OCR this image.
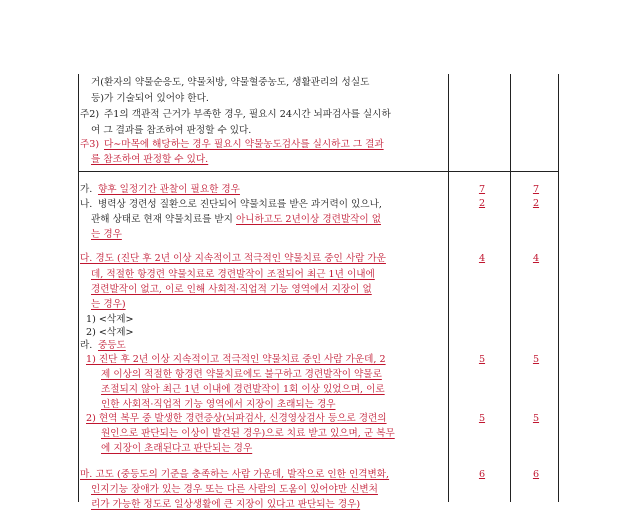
거(환자의 약물순응도, 약물처방, 약물혈중농도, 생활관리의 성실도
등)가 기술되어 있어야 한다.
주2) 주1의 객관적 근거가 부족한 경우, 필요시 24시간 뇌파검사를 실시하
여 그 결과를 참조하여 판정할 수 있다.
주3) 다∼마목에 해당하는 경우 필요시 약물농도검사를 실시하고 그 결과
를 참조하여 판정할 수 있다.
가. 향후 일정기간 관찰이 필요한 경우	7	7
나. 병력상 경련성 질환으로 진단되어 약물치료를 받은 과거력이 있으나,
관해 상태로 현재 약물치료를 받지 아니하고도 2년이상 경련발작이 없
는 경우
2	2
다. 경도 (진단 후 2년 이상 지속적이고 적극적인 약물치료 중인 사람 가운
데, 적절한 항경련 약물치료로 경련발작이 조절되어 최근 1년 이내에
경련발작이 없고, 이로 인해 사회적·직업적 기능 영역에서 지장이 없
는 경우)
4	4
1) <삭제>
2) <삭제>
라. 중등도
1) 진단 후 2년 이상 지속적이고 적극적인 약물치료 중인 사람 가운데, 2
제 이상의 적절한 항경련 약물치료에도 불구하고 경련발작이 약물로
조절되지 않아 최근 1년 이내에 경련발작이 1회 이상 있었으며, 이로
인한 사회적·직업적 기능 영역에서 지장이 초래되는 경우
5	5
2) 현역 복무 중 발생한 경련증상(뇌파검사, 신경영상검사 등으로 경련의
원인으로 판단되는 이상이 발견된 경우)으로 치료 받고 있으며, 군 복무
에 지장이 초래된다고 판단되는 경우
5	5
마. 고도 (중등도의 기준을 충족하는 사람 가운데, 발작으로 인한 인격변화,
인지기능 장애가 있는 경우 또는 다른 사람의 도움이 있어야만 신변처
리가 가능한 정도로 일상생활에 큰 지장이 있다고 판단되는 경우)
6	6
